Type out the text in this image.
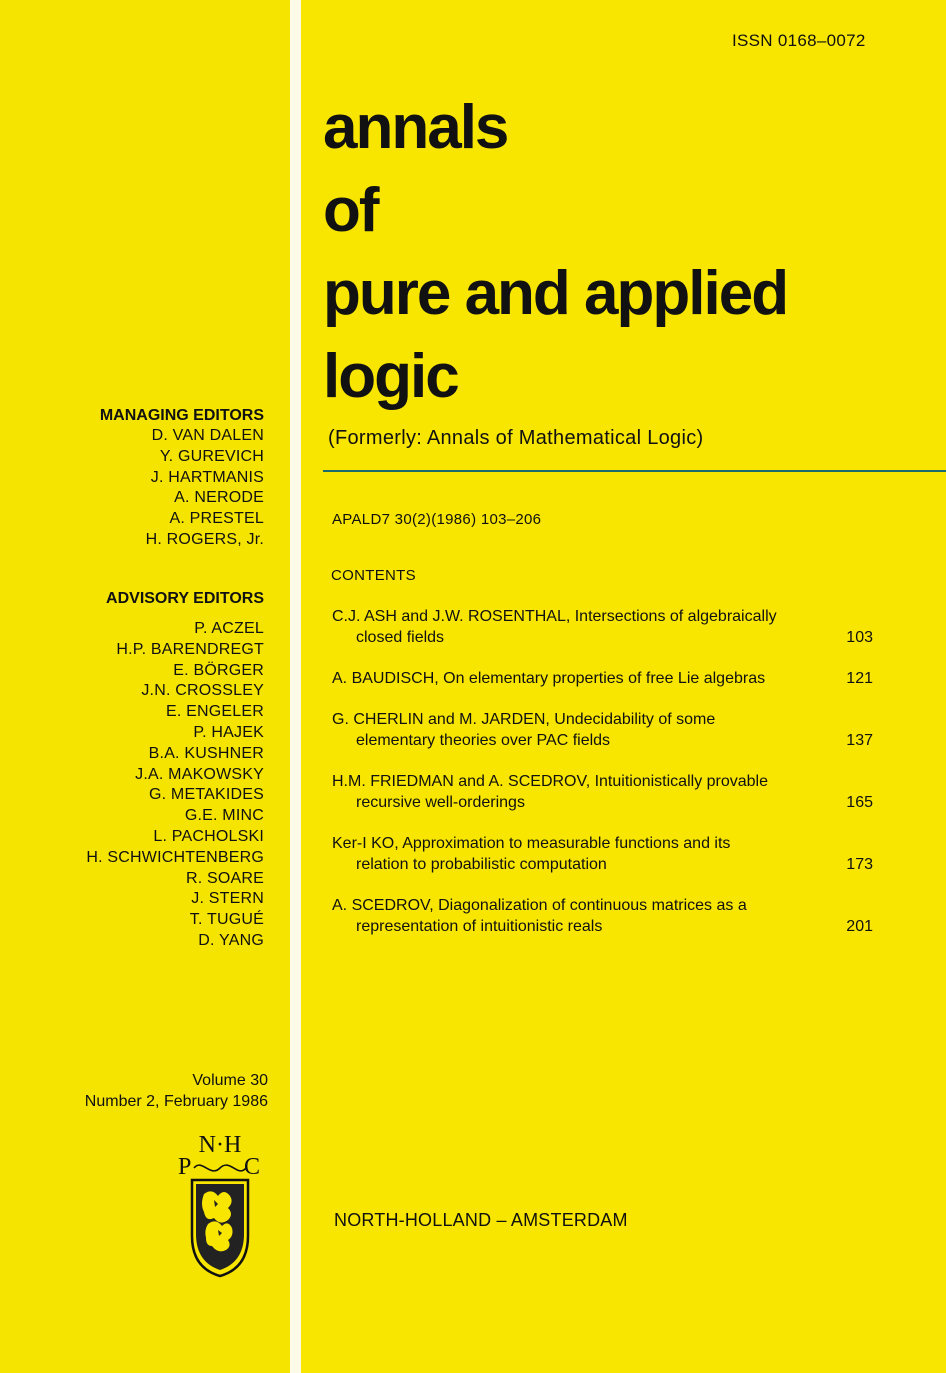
ISSN 0168–0072
annals
of
pure and applied
logic
(Formerly: Annals of Mathematical Logic)
APALD7 30(2)(1986) 103–206
CONTENTS
C.J. ASH and J.W. ROSENTHAL, Intersections of algebraically
closed fields	103
A. BAUDISCH, On elementary properties of free Lie algebras	121
G. CHERLIN and M. JARDEN, Undecidability of some
elementary theories over PAC fields	137
H.M. FRIEDMAN and A. SCEDROV, Intuitionistically provable
recursive well-orderings	165
Ker-I KO, Approximation to measurable functions and its
relation to probabilistic computation	173
A. SCEDROV, Diagonalization of continuous matrices as a
representation of intuitionistic reals	201
MANAGING EDITORS
D. VAN DALEN
Y. GUREVICH
J. HARTMANIS
A. NERODE
A. PRESTEL
H. ROGERS, Jr.
ADVISORY EDITORS
P. ACZEL
H.P. BARENDREGT
E. BÖRGER
J.N. CROSSLEY
E. ENGELER
P. HAJEK
B.A. KUSHNER
J.A. MAKOWSKY
G. METAKIDES
G.E. MINC
L. PACHOLSKI
H. SCHWICHTENBERG
R. SOARE
J. STERN
T. TUGUÉ
D. YANG
Volume 30
Number 2, February 1986
N·H
P C
NORTH-HOLLAND – AMSTERDAM
